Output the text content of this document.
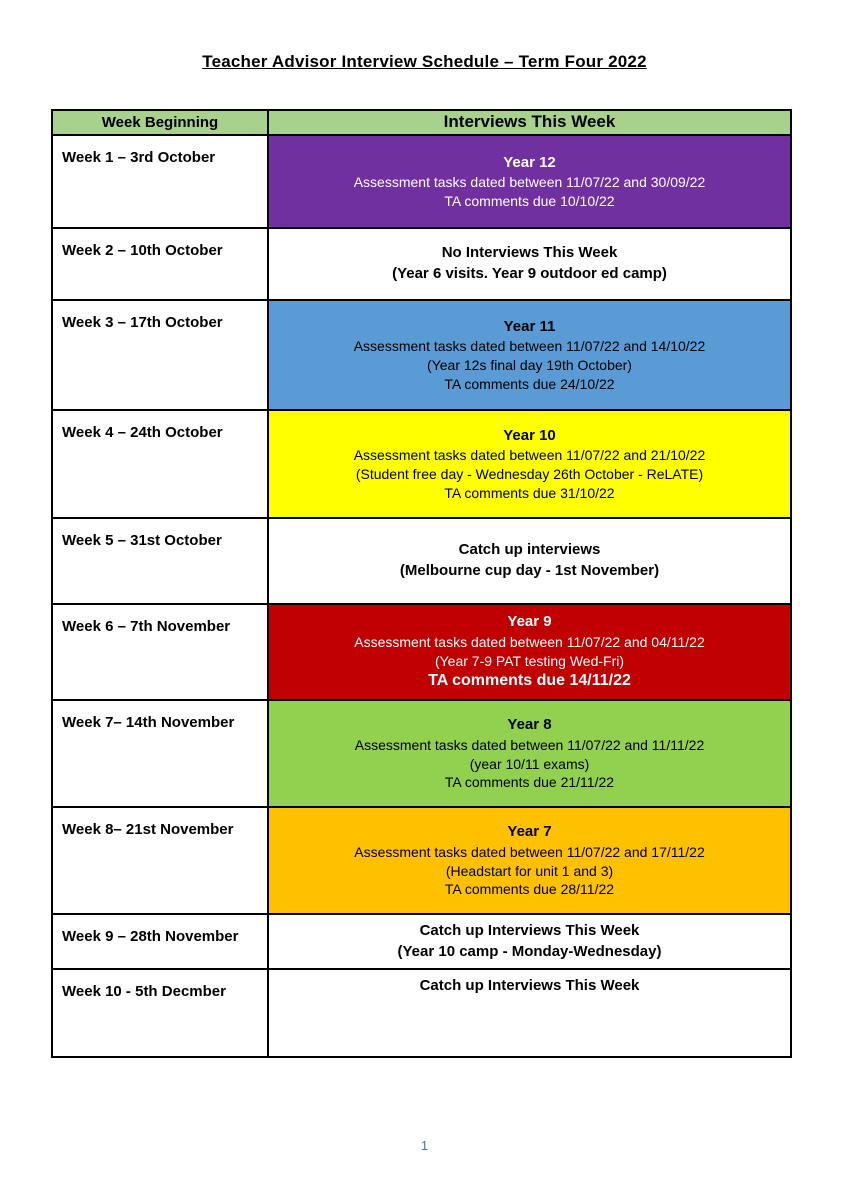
Teacher Advisor Interview Schedule – Term Four 2022
Week Beginning	Interviews This Week
Week 1 – 3rd October	Year 12
Assessment tasks dated between 11/07/22 and 30/09/22
TA comments due 10/10/22

Week 2 – 10th October	No Interviews This Week
(Year 6 visits. Year 9 outdoor ed camp)

Week 3 – 17th October	Year 11
Assessment tasks dated between 11/07/22 and 14/10/22
(Year 12s final day 19th October)
TA comments due 24/10/22

Week 4 – 24th October	Year 10
Assessment tasks dated between 11/07/22 and 21/10/22
(Student free day - Wednesday 26th October - ReLATE)
TA comments due 31/10/22

Week 5 – 31st October	Catch up interviews
(Melbourne cup day - 1st November)

Week 6 – 7th November	Year 9
Assessment tasks dated between 11/07/22 and 04/11/22
(Year 7-9 PAT testing Wed-Fri)
TA comments due 14/11/22

Week 7– 14th November	Year 8
Assessment tasks dated between 11/07/22 and 11/11/22
(year 10/11 exams)
TA comments due 21/11/22

Week 8– 21st November	Year 7
Assessment tasks dated between 11/07/22 and 17/11/22
(Headstart for unit 1 and 3)
TA comments due 28/11/22

Week 9 – 28th November	Catch up Interviews This Week
(Year 10 camp - Monday-Wednesday)

Week 10 - 5th Decmber	Catch up Interviews This Week
1
